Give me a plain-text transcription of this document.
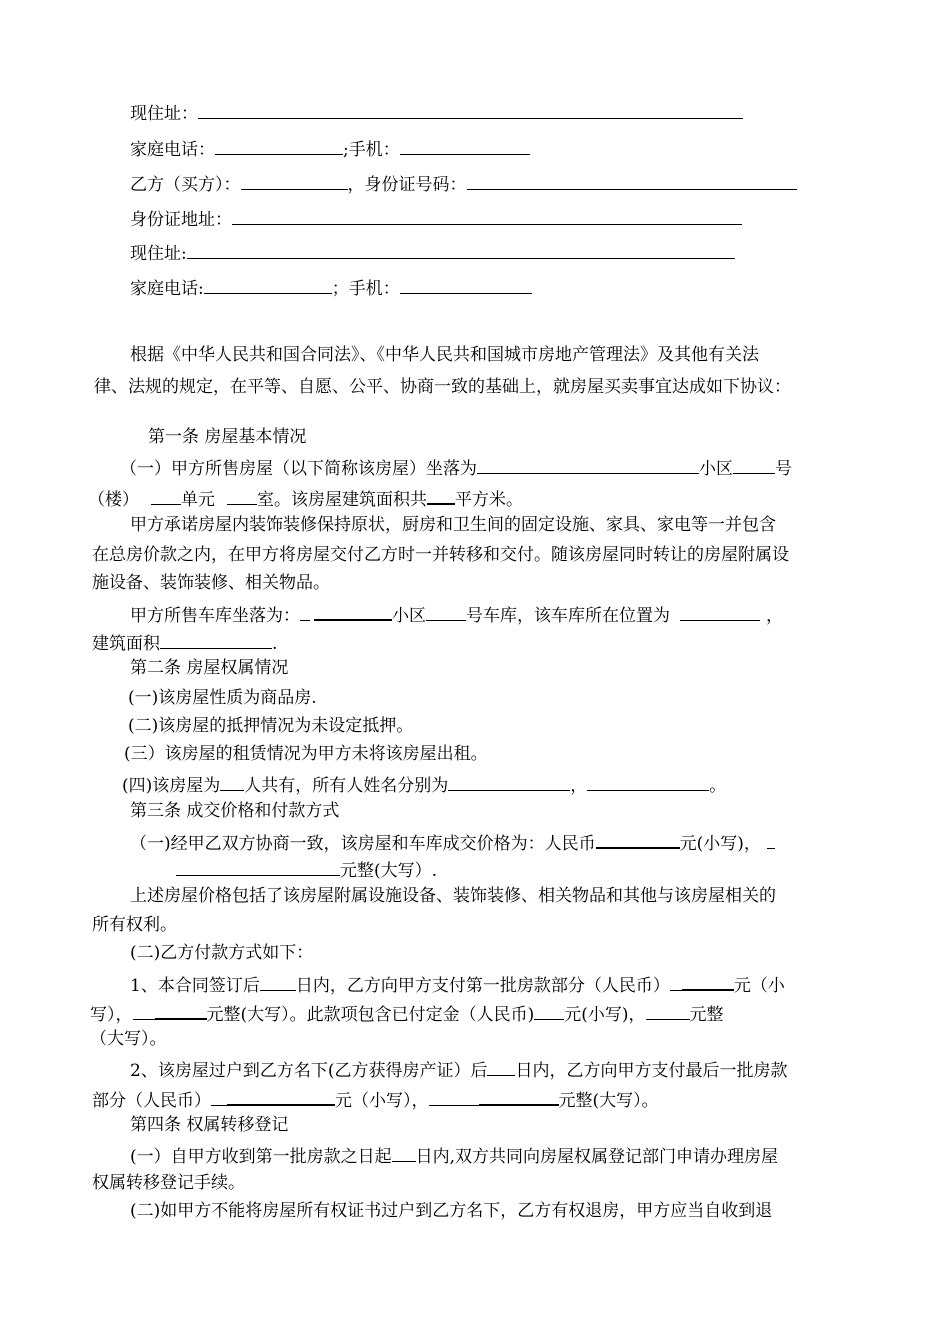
现住址：
家庭电话：	;手机：
乙方（买方）：	，身份证号码：
身份证地址：
现住址:
家庭电话:	；手机：
根据《中华人民共和国合同法》、《中华人民共和国城市房地产管理法》及其他有关法
律、法规的规定，在平等、自愿、公平、协商一致的基础上，就房屋买卖事宜达成如下协议：
第一条 房屋基本情况
（一）甲方所售房屋（以下简称该房屋）坐落为	小区 号
（楼） 单元 室。该房屋建筑面积共 平方米。
甲方承诺房屋内装饰装修保持原状，厨房和卫生间的固定设施、家具、家电等一并包含
在总房价款之内，在甲方将房屋交付乙方时一并转移和交付。随该房屋同时转让的房屋附属设
施设备、装饰装修、相关物品。
甲方所售车库坐落为：	小区 号车库，该车库所在位置为	，
建筑面积	.
第二条 房屋权属情况
(一)该房屋性质为商品房.
(二)该房屋的抵押情况为未设定抵押。
(三）该房屋的租赁情况为甲方未将该房屋出租。
(四)该房屋为 人共有，所有人姓名分别为	，	。
第三条 成交价格和付款方式
（一)经甲乙双方协商一致，该房屋和车库成交价格为：人民币	元(小写)，
元整(大写）.
上述房屋价格包括了该房屋附属设施设备、装饰装修、相关物品和其他与该房屋相关的
所有权利。
(二)乙方付款方式如下：
1、本合同签订后 日内，乙方向甲方支付第一批房款部分（人民币）	元（小
写），	元整(大写）。此款项包含已付定金（人民币) 元(小写)，	元整
（大写）。
2、该房屋过户到乙方名下(乙方获得房产证）后 日内，乙方向甲方支付最后一批房款
部分（人民币）	元（小写），	元整(大写）。
第四条 权属转移登记
(一）自甲方收到第一批房款之日起 日内,双方共同向房屋权属登记部门申请办理房屋
权属转移登记手续。
(二)如甲方不能将房屋所有权证书过户到乙方名下，乙方有权退房，甲方应当自收到退
